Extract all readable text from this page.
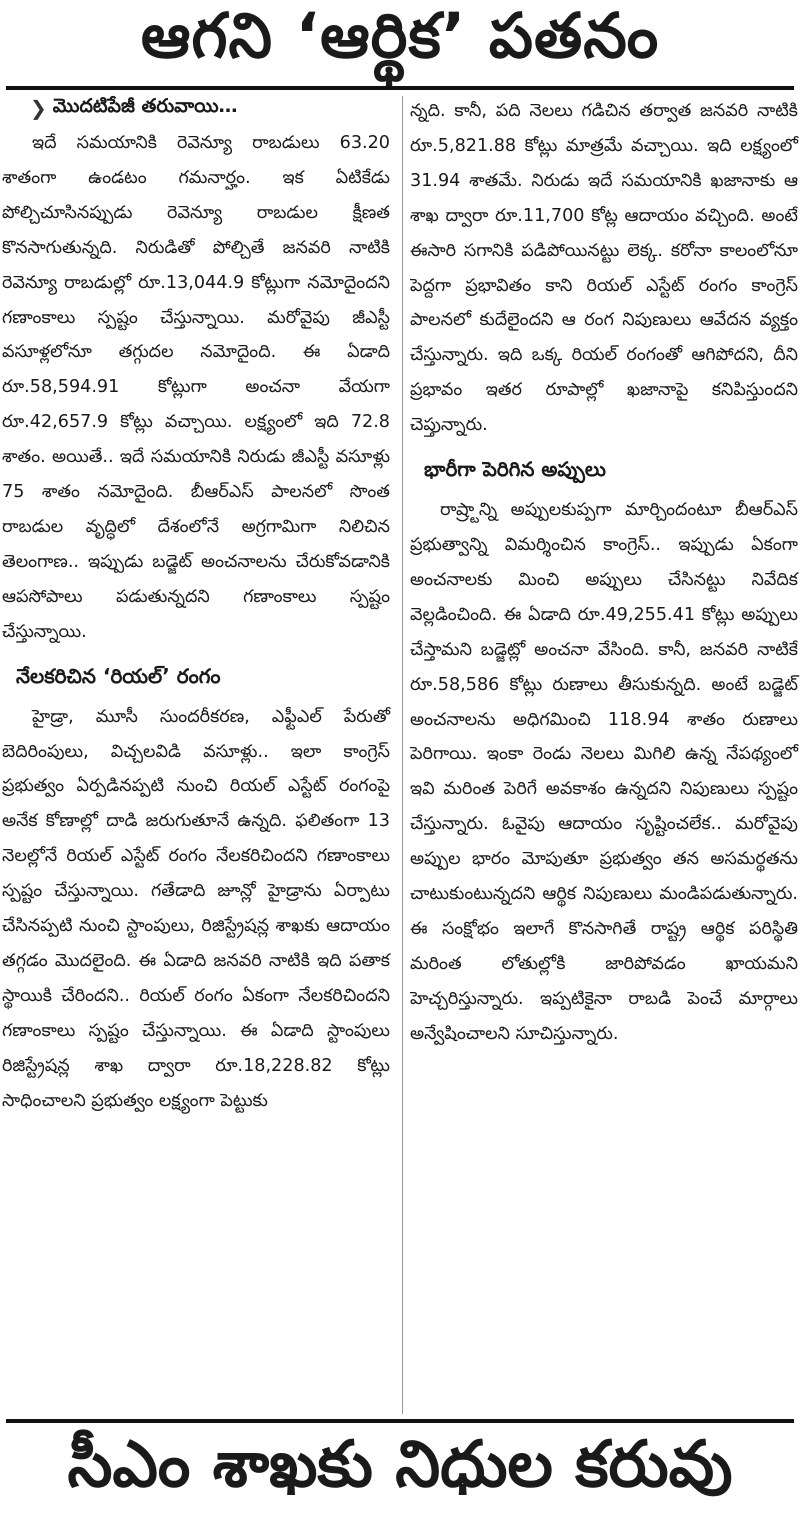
ఆగని ‘ఆర్థిక’ పతనం
❯ మొదటిపేజీ తరువాయి…

ఇదే సమయానికి రెవెన్యూ రాబడులు 63.20 శాతంగా ఉండటం గమనార్హం. ఇక ఏటికేడు పోల్చిచూసినప్పుడు రెవెన్యూ రాబడుల క్షీణత కొనసాగుతున్నది. నిరుడితో పోల్చితే జనవరి నాటికి రెవెన్యూ రాబడుల్లో రూ.13,044.9 కోట్లుగా నమోదైందని గణాంకాలు స్పష్టం చేస్తున్నాయి. మరోవైపు జీఎస్టీ వసూళ్లలోనూ తగ్గుదల నమోదైంది. ఈ ఏడాది రూ.58,594.91 కోట్లుగా అంచనా వేయగా రూ.42,657.9 కోట్లు వచ్చాయి. లక్ష్యంలో ఇది 72.8 శాతం. అయితే.. ఇదే సమయానికి నిరుడు జీఎస్టీ వసూళ్లు 75 శాతం నమోదైంది. బీఆర్ఎస్ పాలనలో సొంత రాబడుల వృద్ధిలో దేశంలోనే అగ్రగామిగా నిలిచిన తెలంగాణ.. ఇప్పుడు బడ్జెట్ అంచనాలను చేరుకోవడానికి ఆపసోపాలు పడుతున్నదని గణాంకాలు స్పష్టం చేస్తున్నాయి.

నేలకరిచిన ‘రియల్’ రంగం

హైడ్రా, మూసీ సుందరీకరణ, ఎఫ్టీఎల్ పేరుతో బెదిరింపులు, విచ్చలవిడి వసూళ్లు.. ఇలా కాంగ్రెస్ ప్రభుత్వం ఏర్పడినప్పటి నుంచి రియల్ ఎస్టేట్ రంగంపై అనేక కోణాల్లో దాడి జరుగుతూనే ఉన్నది. ఫలితంగా 13 నెలల్లోనే రియల్ ఎస్టేట్ రంగం నేలకరిచిందని గణాంకాలు స్పష్టం చేస్తున్నాయి. గతేడాది జూన్లో హైడ్రాను ఏర్పాటు చేసినప్పటి నుంచి స్టాంపులు, రిజిస్ట్రేషన్ల శాఖకు ఆదాయం తగ్గడం మొదలైంది. ఈ ఏడాది జనవరి నాటికి ఇది పతాక స్థాయికి చేరిందని.. రియల్ రంగం ఏకంగా నేలకరిచిందని గణాంకాలు స్పష్టం చేస్తున్నాయి. ఈ ఏడాది స్టాంపులు రిజిస్ట్రేషన్ల శాఖ ద్వారా రూ.18,228.82 కోట్లు సాధించాలని ప్రభుత్వం లక్ష్యంగా పెట్టుకు

న్నది. కానీ, పది నెలలు గడిచిన తర్వాత జనవరి నాటికి రూ.5,821.88 కోట్లు మాత్రమే వచ్చాయి. ఇది లక్ష్యంలో 31.94 శాతమే. నిరుడు ఇదే సమయానికి ఖజానాకు ఆ శాఖ ద్వారా రూ.11,700 కోట్ల ఆదాయం వచ్చింది. అంటే ఈసారి సగానికి పడిపోయినట్టు లెక్క. కరోనా కాలంలోనూ పెద్దగా ప్రభావితం కాని రియల్ ఎస్టేట్ రంగం కాంగ్రెస్ పాలనలో కుదేలైందని ఆ రంగ నిపుణులు ఆవేదన వ్యక్తం చేస్తున్నారు. ఇది ఒక్క రియల్ రంగంతో ఆగిపోదని, దీని ప్రభావం ఇతర రూపాల్లో ఖజానాపై కనిపిస్తుందని చెప్తున్నారు.

భారీగా పెరిగిన అప్పులు

రాష్ర్టాన్ని అప్పులకుప్పగా మార్చిందంటూ బీఆర్ఎస్ ప్రభుత్వాన్ని విమర్శించిన కాంగ్రెస్.. ఇప్పుడు ఏకంగా అంచనాలకు మించి అప్పులు చేసినట్టు నివేదిక వెల్లడించింది. ఈ ఏడాది రూ.49,255.41 కోట్లు అప్పులు చేస్తామని బడ్జెట్లో అంచనా వేసింది. కానీ, జనవరి నాటికే రూ.58,586 కోట్లు రుణాలు తీసుకున్నది. అంటే బడ్జెట్ అంచనాలను అధిగమించి 118.94 శాతం రుణాలు పెరిగాయి. ఇంకా రెండు నెలలు మిగిలి ఉన్న నేపథ్యంలో ఇవి మరింత పెరిగే అవకాశం ఉన్నదని నిపుణులు స్పష్టం చేస్తున్నారు. ఓవైపు ఆదాయం సృష్టించలేక.. మరోవైపు అప్పుల భారం మోపుతూ ప్రభుత్వం తన అసమర్థతను చాటుకుంటున్నదని ఆర్థిక నిపుణులు మండిపడుతున్నారు. ఈ సంక్షోభం ఇలాగే కొనసాగితే రాష్ట్ర ఆర్థిక పరిస్థితి మరింత లోతుల్లోకి జారిపోవడం ఖాయమని హెచ్చరిస్తున్నారు. ఇప్పటికైనా రాబడి పెంచే మార్గాలు అన్వేషించాలని సూచిస్తున్నారు.

సీఎం శాఖకు నిధుల కరువు
